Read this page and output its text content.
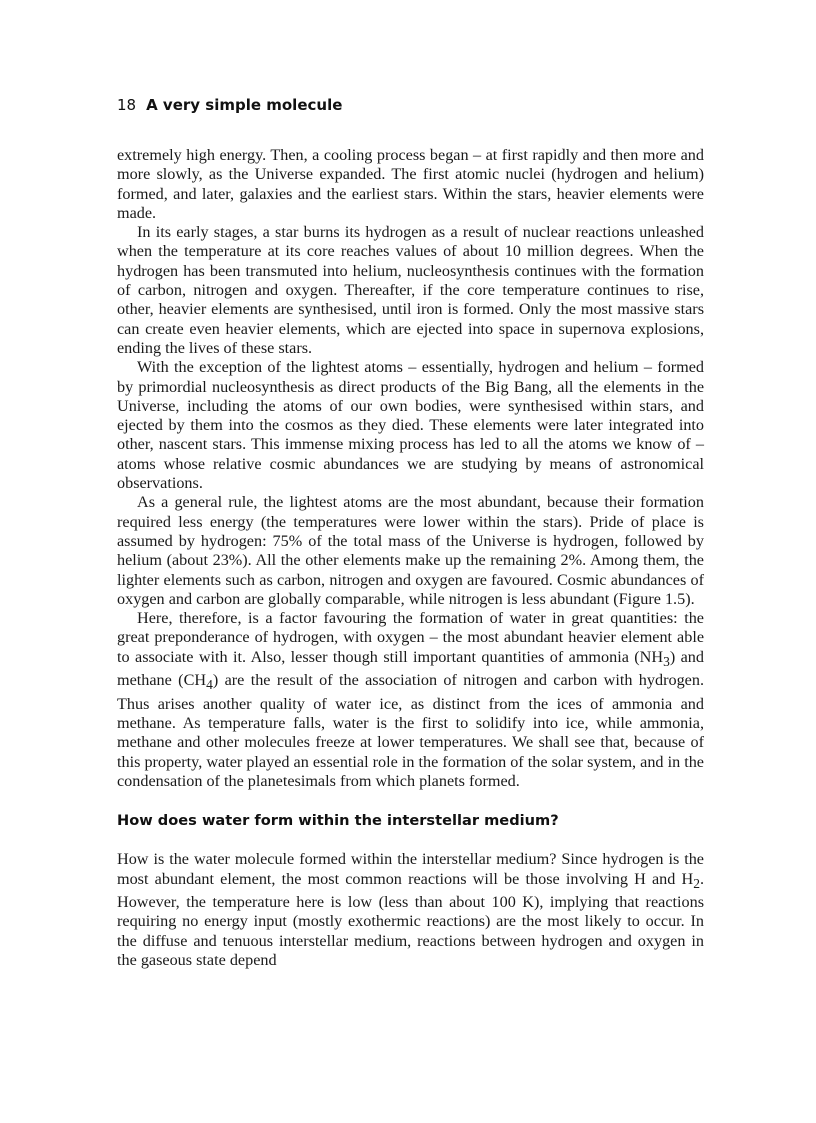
18 A very simple molecule

extremely high energy. Then, a cooling process began – at first rapidly and then more and more slowly, as the Universe expanded. The first atomic nuclei (hydrogen and helium) formed, and later, galaxies and the earliest stars. Within the stars, heavier elements were made.

In its early stages, a star burns its hydrogen as a result of nuclear reactions unleashed when the temperature at its core reaches values of about 10 million degrees. When the hydrogen has been transmuted into helium, nucleosynthesis continues with the formation of carbon, nitrogen and oxygen. Thereafter, if the core temperature continues to rise, other, heavier elements are synthesised, until iron is formed. Only the most massive stars can create even heavier elements, which are ejected into space in supernova explosions, ending the lives of these stars.

With the exception of the lightest atoms – essentially, hydrogen and helium – formed by primordial nucleosynthesis as direct products of the Big Bang, all the elements in the Universe, including the atoms of our own bodies, were synthesised within stars, and ejected by them into the cosmos as they died. These elements were later integrated into other, nascent stars. This immense mixing process has led to all the atoms we know of – atoms whose relative cosmic abundances we are studying by means of astronomical observations.

As a general rule, the lightest atoms are the most abundant, because their formation required less energy (the temperatures were lower within the stars). Pride of place is assumed by hydrogen: 75% of the total mass of the Universe is hydrogen, followed by helium (about 23%). All the other elements make up the remaining 2%. Among them, the lighter elements such as carbon, nitrogen and oxygen are favoured. Cosmic abundances of oxygen and carbon are globally comparable, while nitrogen is less abundant (Figure 1.5).

Here, therefore, is a factor favouring the formation of water in great quantities: the great preponderance of hydrogen, with oxygen – the most abundant heavier element able to associate with it. Also, lesser though still important quantities of ammonia $(NH_3)$ and methane $(CH_4)$ are the result of the association of nitrogen and carbon with hydrogen. Thus arises another quality of water ice, as distinct from the ices of ammonia and methane. As temperature falls, water is the first to solidify into ice, while ammonia, methane and other molecules freeze at lower temperatures. We shall see that, because of this property, water played an essential role in the formation of the solar system, and in the condensation of the planetesimals from which planets formed.

How does water form within the interstellar medium?

How is the water molecule formed within the interstellar medium? Since hydrogen is the most abundant element, the most common reactions will be those involving H and $H_2$. However, the temperature here is low (less than about 100 K), implying that reactions requiring no energy input (mostly exothermic reactions) are the most likely to occur. In the diffuse and tenuous interstellar medium, reactions between hydrogen and oxygen in the gaseous state depend
